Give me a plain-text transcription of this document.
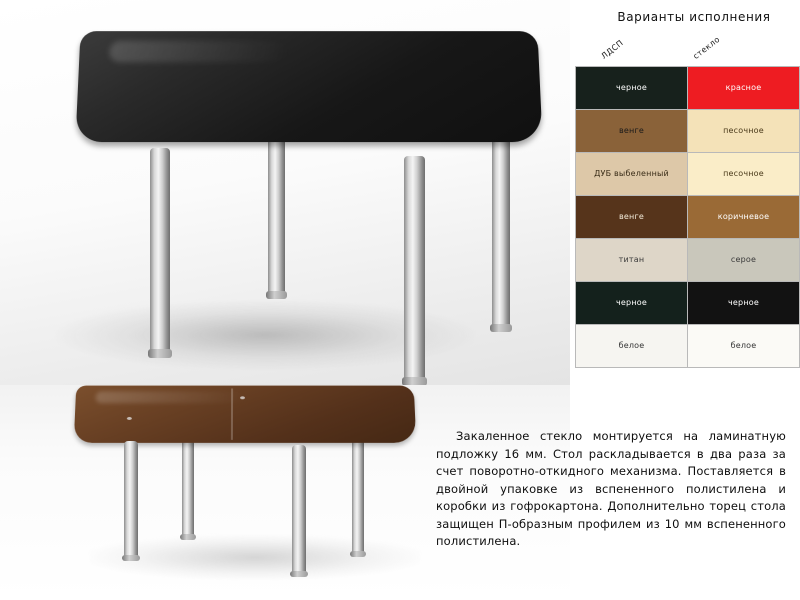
Варианты исполнения
ЛДСП	стекло
черное	красное
венге	песочное
ДУБ выбеленный	песочное
венге	коричневое
титан	серое
черное	черное
белое	белое
Закаленное стекло монтируется на ламинатную подложку 16 мм. Стол раскладывается в два раза за счет поворотно-откидного механизма. Поставляется в двойной упаковке из вспененного полистилена и коробки из гофрокартона. Дополнительно торец стола защищен П-образным профилем из 10 мм вспененного полистилена.
